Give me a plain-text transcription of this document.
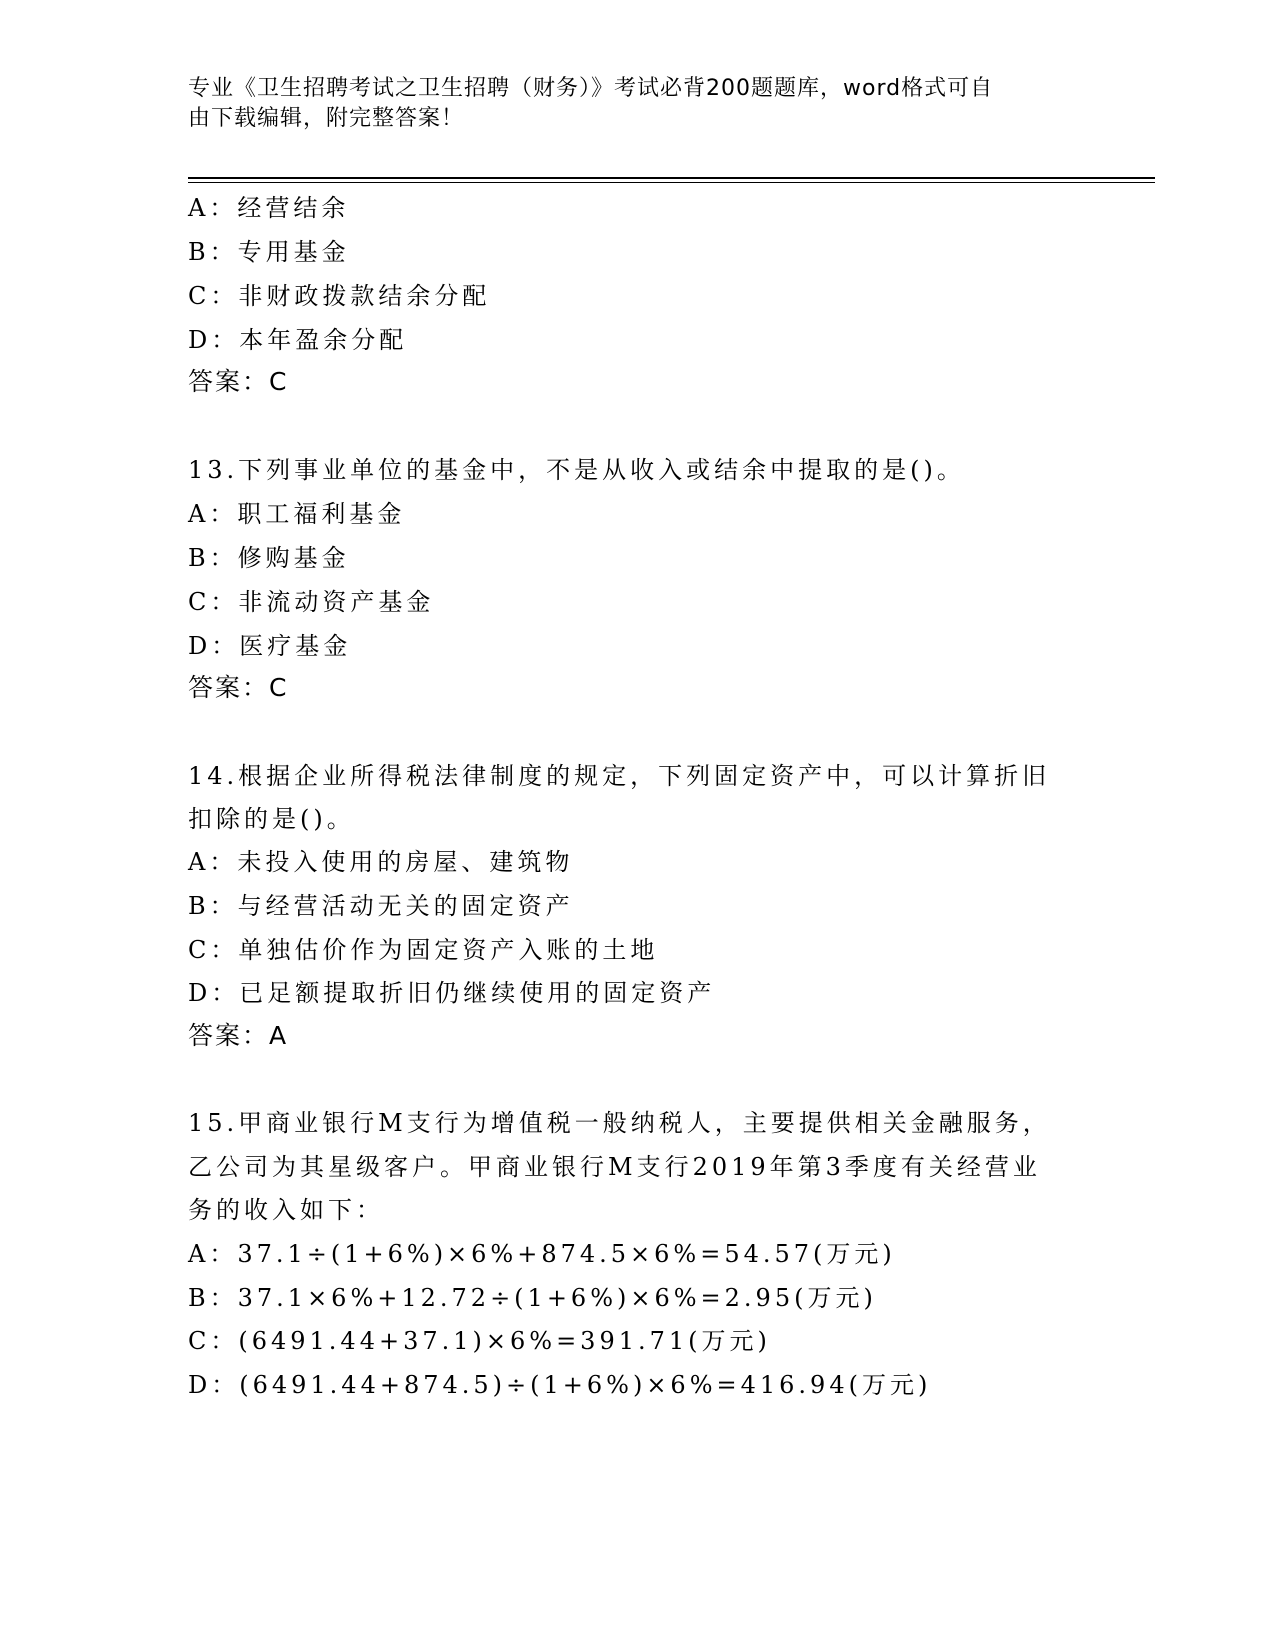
专业《卫生招聘考试之卫生招聘（财务）》考试必背200题题库，word格式可自
由下载编辑，附完整答案！
A：经营结余
B：专用基金
C：非财政拨款结余分配
D：本年盈余分配
答案：C
13.下列事业单位的基金中，不是从收入或结余中提取的是()。
A：职工福利基金
B：修购基金
C：非流动资产基金
D：医疗基金
答案：C
14.根据企业所得税法律制度的规定，下列固定资产中，可以计算折旧
扣除的是()。
A：未投入使用的房屋、建筑物
B：与经营活动无关的固定资产
C：单独估价作为固定资产入账的土地
D：已足额提取折旧仍继续使用的固定资产
答案：A
15.甲商业银行M支行为增值税一般纳税人，主要提供相关金融服务，
乙公司为其星级客户。甲商业银行M支行2019年第3季度有关经营业
务的收入如下：
A：37.1÷(1+6%)×6%+874.5×6%=54.57(万元)
B：37.1×6%+12.72÷(1+6%)×6%=2.95(万元)
C：(6491.44+37.1)×6%=391.71(万元)
D：(6491.44+874.5)÷(1+6%)×6%=416.94(万元)
